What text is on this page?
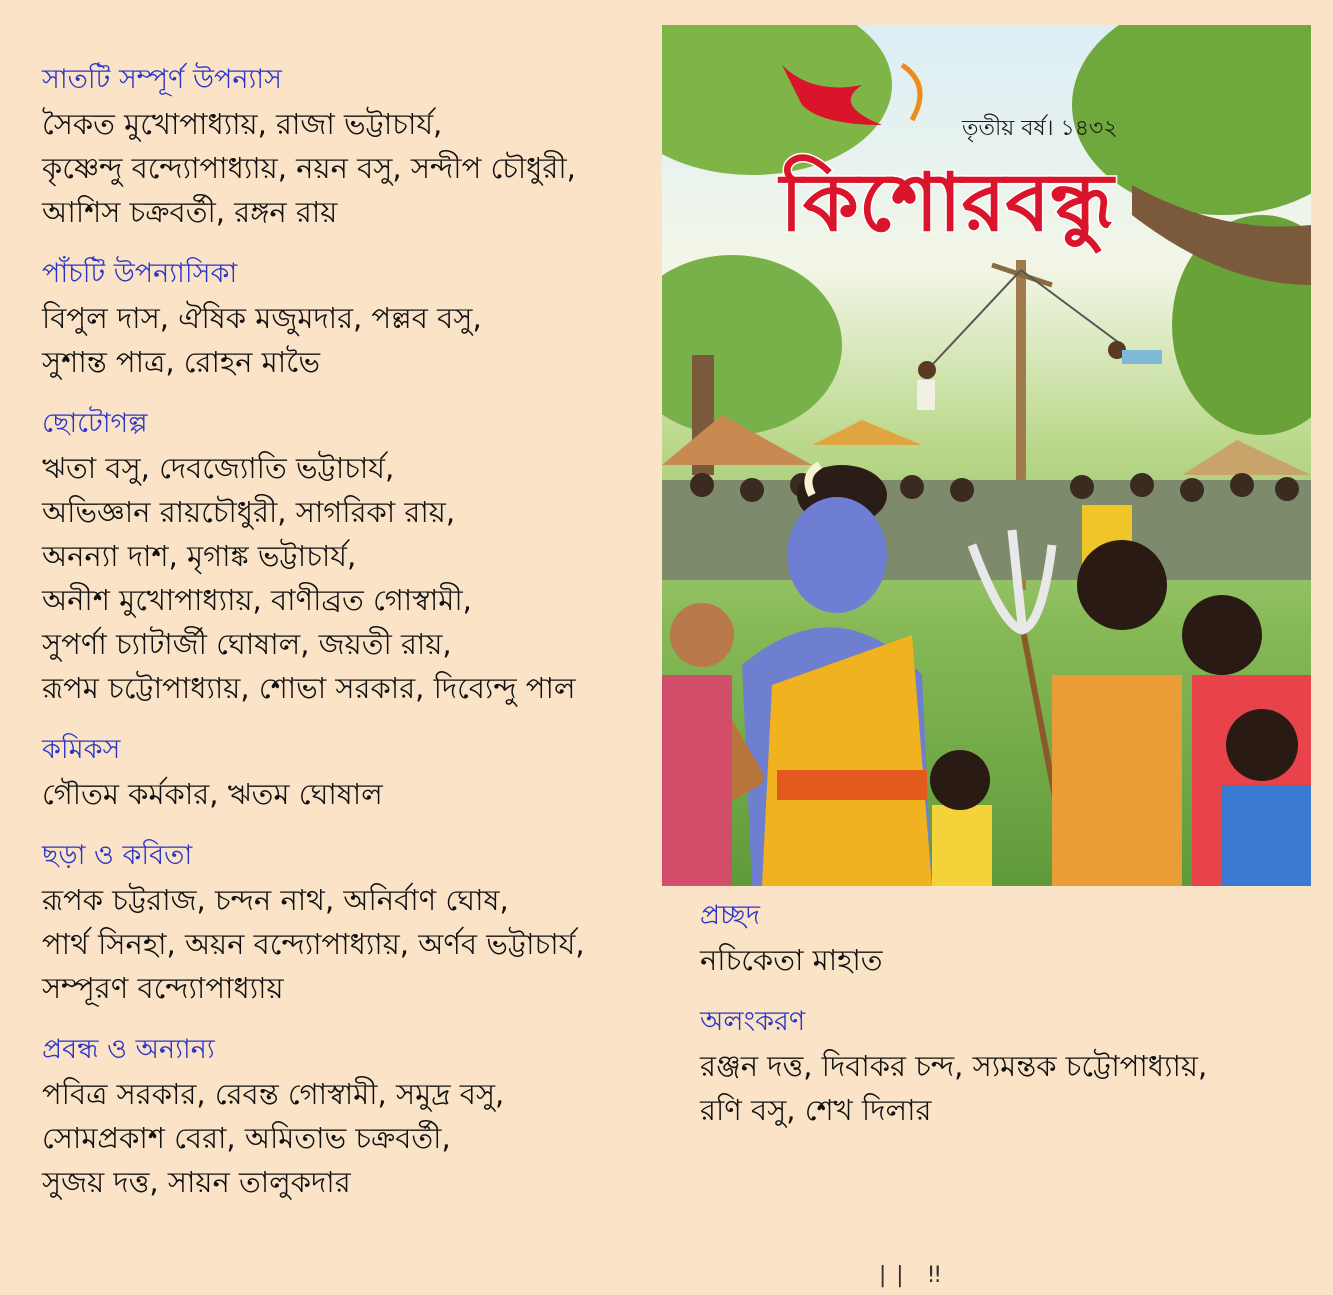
সাতটি সম্পূর্ণ উপন্যাস
সৈকত মুখোপাধ্যায়, রাজা ভট্টাচার্য,
কৃষ্ণেন্দু বন্দ্যোপাধ্যায়, নয়ন বসু, সন্দীপ চৌধুরী,
আশিস চক্রবর্তী, রঙ্গন রায়
পাঁচটি উপন্যাসিকা
বিপুল দাস, ঐষিক মজুমদার, পল্লব বসু,
সুশান্ত পাত্র, রোহন মাভৈ
ছোটোগল্প
ঋতা বসু, দেবজ্যোতি ভট্টাচার্য,
অভিজ্ঞান রায়চৌধুরী, সাগরিকা রায়,
অনন্যা দাশ, মৃগাঙ্ক ভট্টাচার্য,
অনীশ মুখোপাধ্যায়, বাণীব্রত গোস্বামী,
সুপর্ণা চ্যাটার্জী ঘোষাল, জয়তী রায়,
রূপম চট্টোপাধ্যায়, শোভা সরকার, দিব্যেন্দু পাল
কমিকস
গৌতম কর্মকার, ঋতম ঘোষাল
ছড়া ও কবিতা
রূপক চট্টরাজ, চন্দন নাথ, অনির্বাণ ঘোষ,
পার্থ সিনহা, অয়ন বন্দ্যোপাধ্যায়, অর্ণব ভট্টাচার্য,
সম্পূরণ বন্দ্যোপাধ্যায়
প্রবন্ধ ও অন্যান্য
পবিত্র সরকার, রেবন্ত গোস্বামী, সমুদ্র বসু,
সোমপ্রকাশ বেরা, অমিতাভ চক্রবর্তী,
সুজয় দত্ত, সায়ন তালুকদার
তৃতীয় বর্ষ। ১৪৩২
কিশোরবন্ধু
প্রচ্ছদ
নচিকেতা মাহাত
অলংকরণ
রঞ্জন দত্ত, দিবাকর চন্দ, স্যমন্তক চট্টোপাধ্যায়,
রণি বসু, শেখ দিলার
|| ‼
